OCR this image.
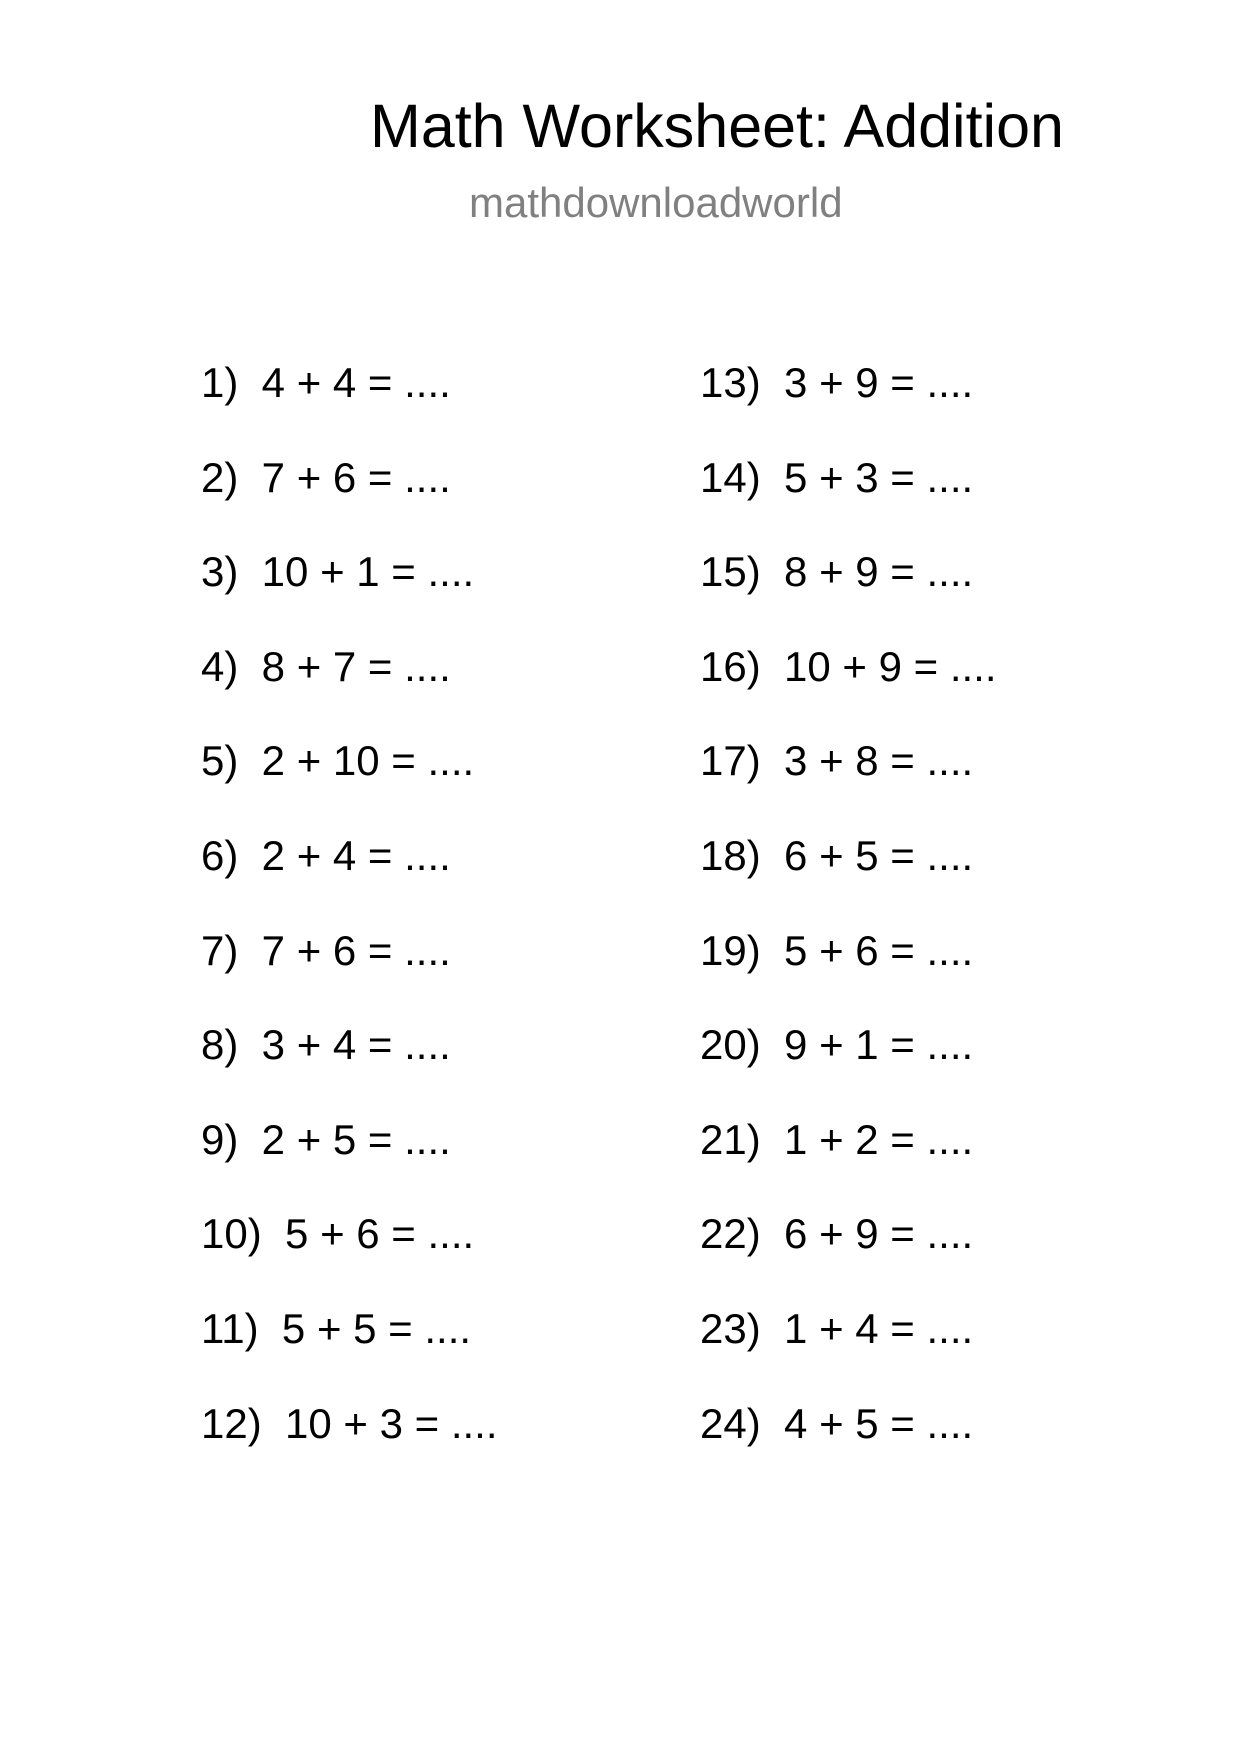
Math Worksheet: Addition
mathdownloadworld
1)  4 + 4 = ....
2)  7 + 6 = ....
3)  10 + 1 = ....
4)  8 + 7 = ....
5)  2 + 10 = ....
6)  2 + 4 = ....
7)  7 + 6 = ....
8)  3 + 4 = ....
9)  2 + 5 = ....
10)  5 + 6 = ....
11)  5 + 5 = ....
12)  10 + 3 = ....
13)  3 + 9 = ....
14)  5 + 3 = ....
15)  8 + 9 = ....
16)  10 + 9 = ....
17)  3 + 8 = ....
18)  6 + 5 = ....
19)  5 + 6 = ....
20)  9 + 1 = ....
21)  1 + 2 = ....
22)  6 + 9 = ....
23)  1 + 4 = ....
24)  4 + 5 = ....
